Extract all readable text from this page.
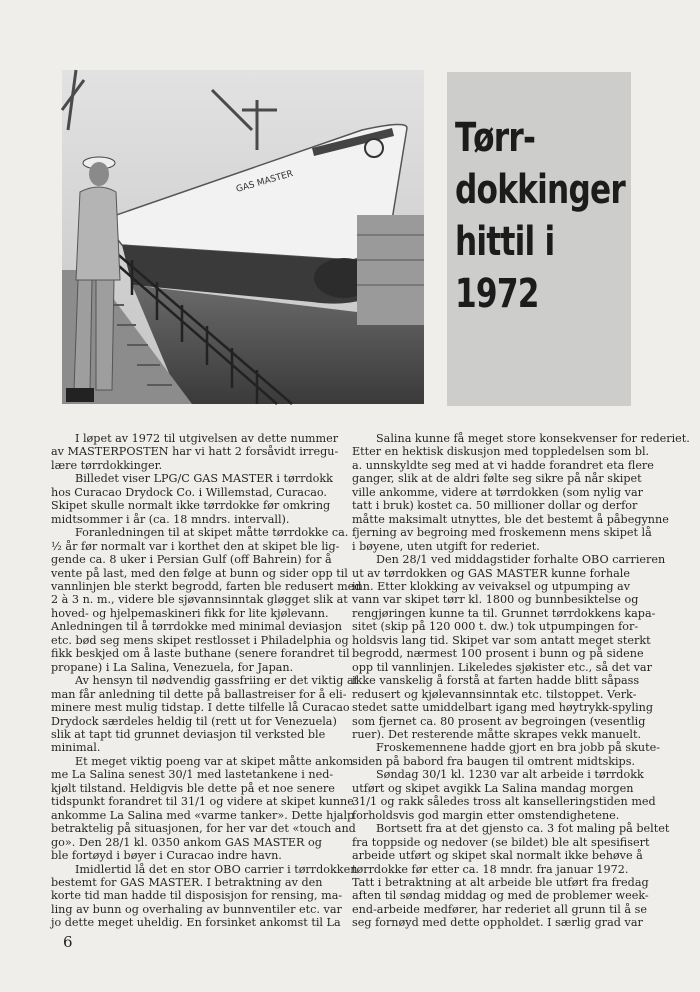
GAS MASTER
Tørr-
dokkinger
hittil i
1972

I løpet av 1972 til utgivelsen av dette nummer
av MASTERPOSTEN har vi hatt 2 forsåvidt irregu-
lære tørrdokkinger.

Billedet viser LPG/C GAS MASTER i tørrdokk
hos Curacao Drydock Co. i Willemstad, Curacao.
Skipet skulle normalt ikke tørrdokke før omkring
midtsommer i år (ca. 18 mndrs. intervall).

Foranledningen til at skipet måtte tørrdokke ca.
½ år før normalt var i korthet den at skipet ble lig-
gende ca. 8 uker i Persian Gulf (off Bahrein) for å
vente på last, med den følge at bunn og sider opp til
vannlinjen ble sterkt begrodd, farten ble redusert med
2 à 3 n. m., videre ble sjøvannsinntak gløgget slik at
hoved- og hjelpemaskineri fikk for lite kjølevann.
Anledningen til å tørrdokke med minimal deviasjon
etc. bød seg mens skipet restlosset i Philadelphia og
fikk beskjed om å laste buthane (senere forandret til
propane) i La Salina, Venezuela, for Japan.

Av hensyn til nødvendig gassfriing er det viktig at
man får anledning til dette på ballastreiser for å eli-
minere mest mulig tidstap. I dette tilfelle lå Curacao
Drydock særdeles heldig til (rett ut for Venezuela)
slik at tapt tid grunnet deviasjon til verksted ble
minimal.

Et meget viktig poeng var at skipet måtte ankom-
me La Salina senest 30/1 med lastetankene i ned-
kjølt tilstand. Heldigvis ble dette på et noe senere
tidspunkt forandret til 31/1 og videre at skipet kunne
ankomme La Salina med «varme tanker». Dette hjalp
betraktelig på situasjonen, for her var det «touch and
go». Den 28/1 kl. 0350 ankom GAS MASTER og
ble fortøyd i bøyer i Curacao indre havn.

Imidlertid lå det en stor OBO carrier i tørrdokken
bestemt for GAS MASTER. I betraktning av den
korte tid man hadde til disposisjon for rensing, ma-
ling av bunn og overhaling av bunnventiler etc. var
jo dette meget uheldig. En forsinket ankomst til La

Salina kunne få meget store konsekvenser for rederiet.
Etter en hektisk diskusjon med toppledelsen som bl.
a. unnskyldte seg med at vi hadde forandret eta flere
ganger, slik at de aldri følte seg sikre på når skipet
ville ankomme, videre at tørrdokken (som nylig var
tatt i bruk) kostet ca. 50 millioner dollar og derfor
måtte maksimalt utnyttes, ble det bestemt å påbegynne
fjerning av begroing med froskemenn mens skipet lå
i bøyene, uten utgift for rederiet.

Den 28/1 ved middagstider forhalte OBO carrieren
ut av tørrdokken og GAS MASTER kunne forhale
inn. Etter klokking av veivaksel og utpumping av
vann var skipet tørr kl. 1800 og bunnbesiktelse og
rengjøringen kunne ta til. Grunnet tørrdokkens kapa-
sitet (skip på 120 000 t. dw.) tok utpumpingen for-
holdsvis lang tid. Skipet var som antatt meget sterkt
begrodd, nærmest 100 prosent i bunn og på sidene
opp til vannlinjen. Likeledes sjøkister etc., så det var
ikke vanskelig å forstå at farten hadde blitt såpass
redusert og kjølevannsinntak etc. tilstoppet. Verk-
stedet satte umiddelbart igang med høytrykk-spyling
som fjernet ca. 80 prosent av begroingen (vesentlig
ruer). Det resterende måtte skrapes vekk manuelt.

Froskemennene hadde gjort en bra jobb på skute-
siden på babord fra baugen til omtrent midtskips.

Søndag 30/1 kl. 1230 var alt arbeide i tørrdokk
utført og skipet avgikk La Salina mandag morgen
31/1 og rakk således tross alt kanselleringstiden med
forholdsvis god margin etter omstendighetene.

Bortsett fra at det gjensto ca. 3 fot maling på beltet
fra toppside og nedover (se bildet) ble alt spesifisert
arbeide utført og skipet skal normalt ikke behøve å
tørrdokke før etter ca. 18 mndr. fra januar 1972.
Tatt i betraktning at alt arbeide ble utført fra fredag
aften til søndag middag og med de problemer week-
end-arbeide medfører, har rederiet all grunn til å se
seg fornøyd med dette oppholdet. I særlig grad var

6
